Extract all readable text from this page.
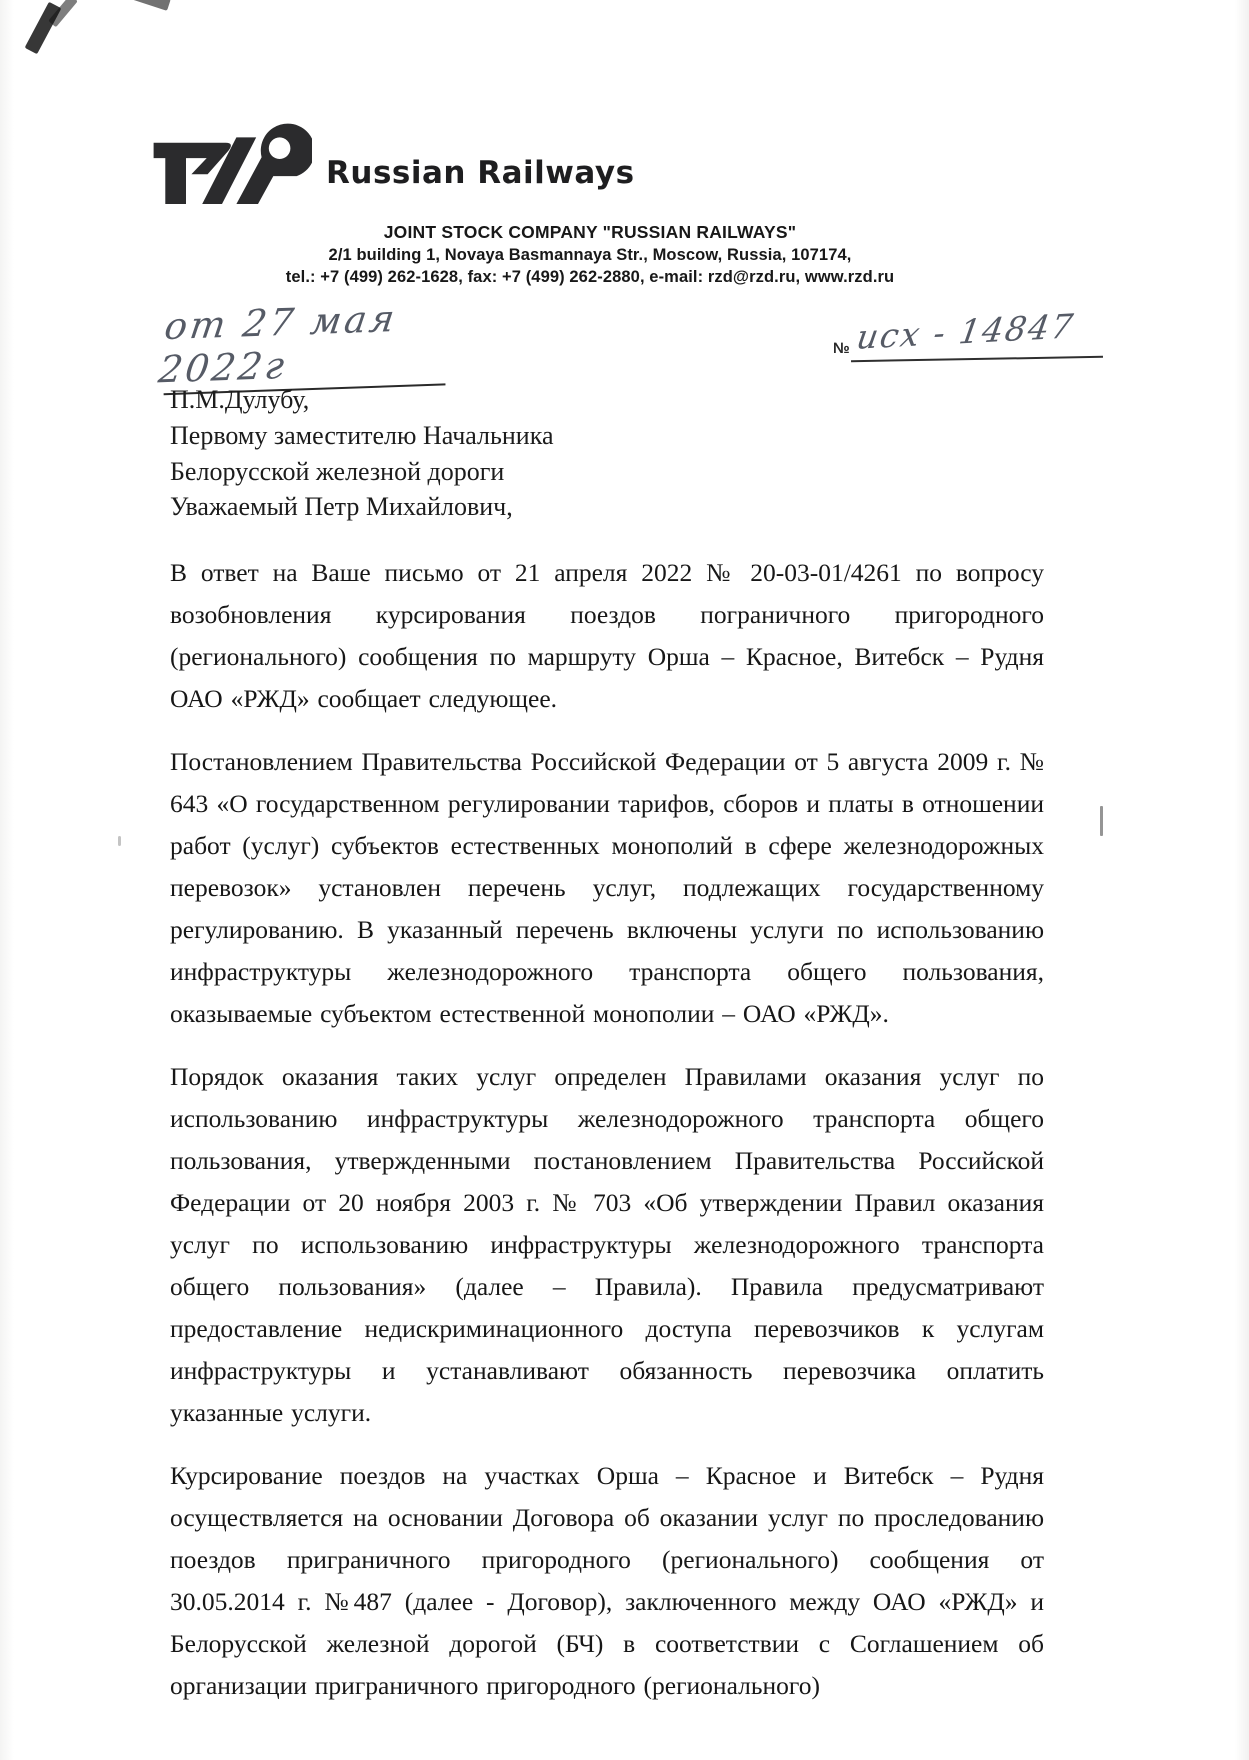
Russian Railways
JOINT STOCK COMPANY "RUSSIAN RAILWAYS"
2/1 building 1, Novaya Basmannaya Str., Moscow, Russia, 107174,
tel.: +7 (499) 262-1628, fax: +7 (499) 262-2880, e-mail: rzd@rzd.ru, www.rzd.ru
от 27 мая 2022г	№ исх - 14847
П.М.Дулубу,
Первому заместителю Начальника
Белорусской железной дороги
Уважаемый Петр Михайлович,

В ответ на Ваше письмо от 21 апреля 2022 № 20-03-01/4261 по вопросу возобновления курсирования поездов пограничного пригородного (регионального) сообщения по маршруту Орша – Красное, Витебск – Рудня ОАО «РЖД» сообщает следующее.

Постановлением Правительства Российской Федерации от 5 августа 2009 г. № 643 «О государственном регулировании тарифов, сборов и платы в отношении работ (услуг) субъектов естественных монополий в сфере железнодорожных перевозок» установлен перечень услуг, подлежащих государственному регулированию. В указанный перечень включены услуги по использованию инфраструктуры железнодорожного транспорта общего пользования, оказываемые субъектом естественной монополии – ОАО «РЖД».

Порядок оказания таких услуг определен Правилами оказания услуг по использованию инфраструктуры железнодорожного транспорта общего пользования, утвержденными постановлением Правительства Российской Федерации от 20 ноября 2003 г. № 703 «Об утверждении Правил оказания услуг по использованию инфраструктуры железнодорожного транспорта общего пользования» (далее – Правила). Правила предусматривают предоставление недискриминационного доступа перевозчиков к услугам инфраструктуры и устанавливают обязанность перевозчика оплатить указанные услуги.

Курсирование поездов на участках Орша – Красное и Витебск – Рудня осуществляется на основании Договора об оказании услуг по проследованию поездов приграничного пригородного (регионального) сообщения от 30.05.2014 г. №487 (далее - Договор), заключенного между ОАО «РЖД» и Белорусской железной дорогой (БЧ) в соответствии с Соглашением об организации приграничного пригородного (регионального)
